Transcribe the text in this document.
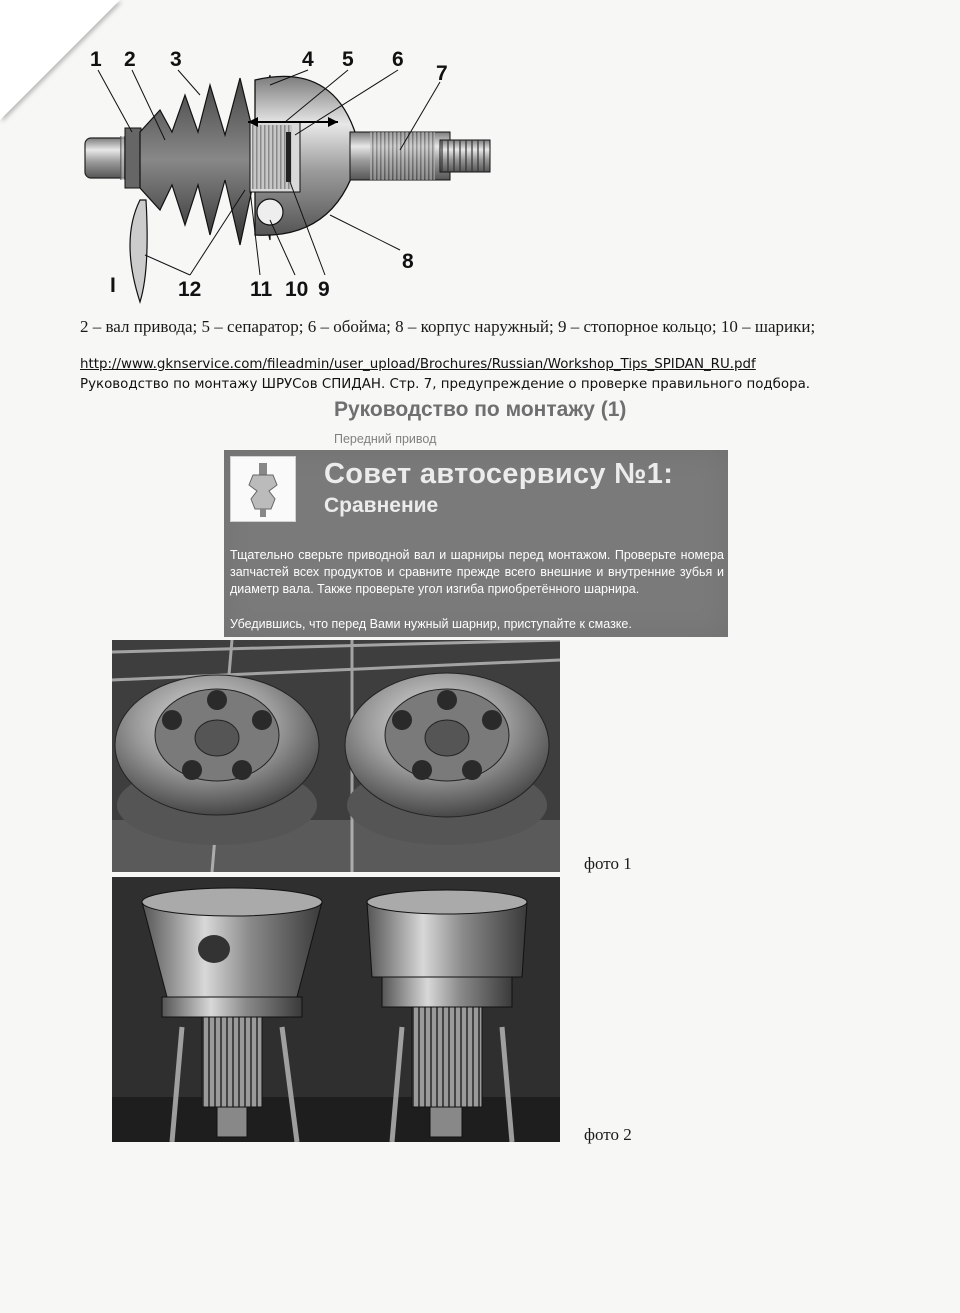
1 2 3	4 5 6
7
8
I	12 11 10 9
2 – вал привода; 5 – сепаратор; 6 – обойма; 8 – корпус наружный; 9 – стопорное кольцо; 10 – шарики;
http://www.gknservice.com/fileadmin/user_upload/Brochures/Russian/Workshop_Tips_SPIDAN_RU.pdf
Руководство по монтажу ШРУСов СПИДАН. Стр. 7, предупреждение о проверке правильного подбора.
Руководство по монтажу (1)
Передний привод
Совет автосервису №1:
Сравнение
Тщательно сверьте приводной вал и шарниры перед монтажом. Проверьте номера запчастей всех продуктов и сравните прежде всего внешние и внутренние зубья и диаметр вала. Также проверьте угол изгиба приобретённого шарнира.
Убедившись, что перед Вами нужный шарнир, приступайте к смазке.
фото 1
фото 2
